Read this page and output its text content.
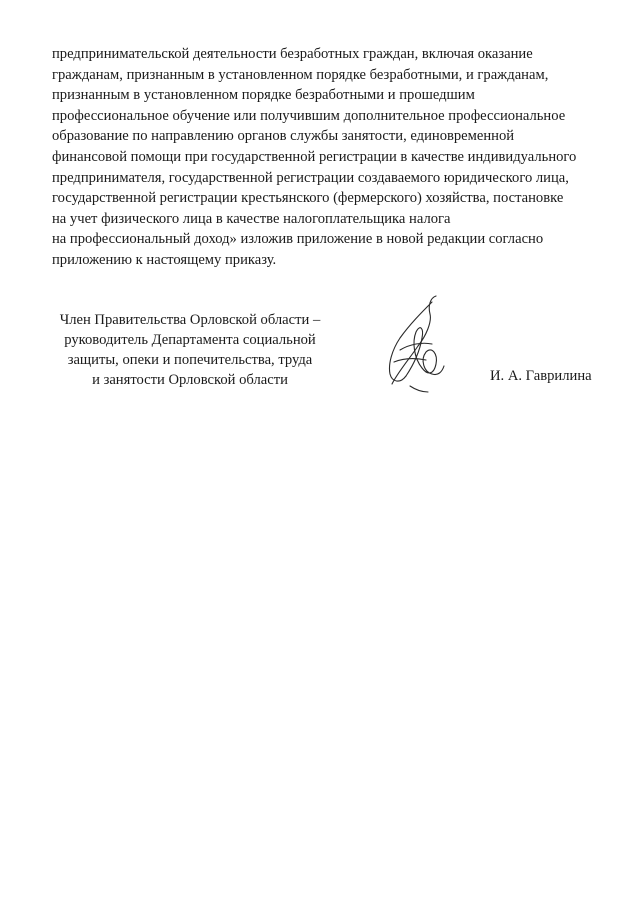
предпринимательской деятельности безработных граждан, включая оказание
гражданам, признанным в установленном порядке безработными, и гражданам,
признанным в установленном порядке безработными и прошедшим
профессиональное обучение или получившим дополнительное профессиональное
образование по направлению органов службы занятости, единовременной
финансовой помощи при государственной регистрации в качестве индивидуального
предпринимателя, государственной регистрации создаваемого юридического лица,
государственной регистрации крестьянского (фермерского) хозяйства, постановке
на учет физического лица в качестве налогоплательщика налога
на профессиональный доход» изложив приложение в новой редакции согласно
приложению к настоящему приказу.
Член Правительства Орловской области –
руководитель Департамента социальной
защиты, опеки и попечительства, труда
и занятости Орловской области	И. А. Гаврилина
